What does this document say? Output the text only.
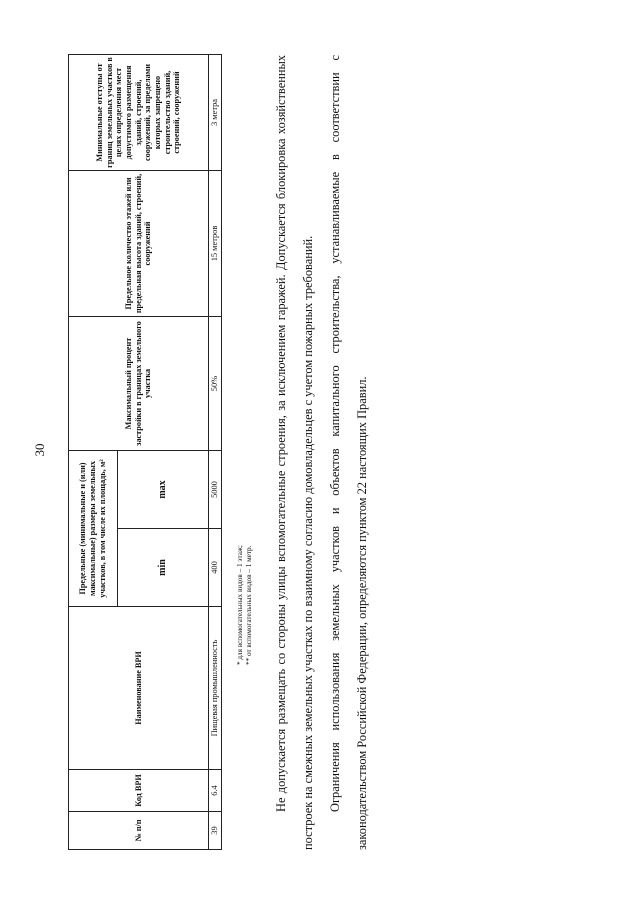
30
№ п/п	Код ВРИ	Наименование ВРИ	Предельные (минимальные и (или) максимальные) размеры земельных участков, в том числе их площадь, м²		Максимальный процент застройки в границах земельного участка	Предельное количество этажей или предельная высота зданий, строений, сооружений	Минимальные отступы от границ земельных участков в целях определения мест допустимого размещения зданий, строений, сооружений, за пределами которых запрещено строительство зданий, строений, сооружений
			min	max			
39	6.4	Пищевая промышленность	400	5000	50%	15 метров	3 метра
* для вспомогательных видов – 1 этаж; ** от вспомогательных видов – 1 метр.	Не допускается размещать со стороны улицы вспомогательные строения, за исключением гаражей. Допускается блокировка хозяйственных построек на смежных земельных участках по взаимному согласию домовладельцев с учетом пожарных требований.	Ограничения использования земельных участков и объектов капитального строительства, устанавливаемые в соответствии с законодательством Российской Федерации, определяются пунктом 22 настоящих Правил.
